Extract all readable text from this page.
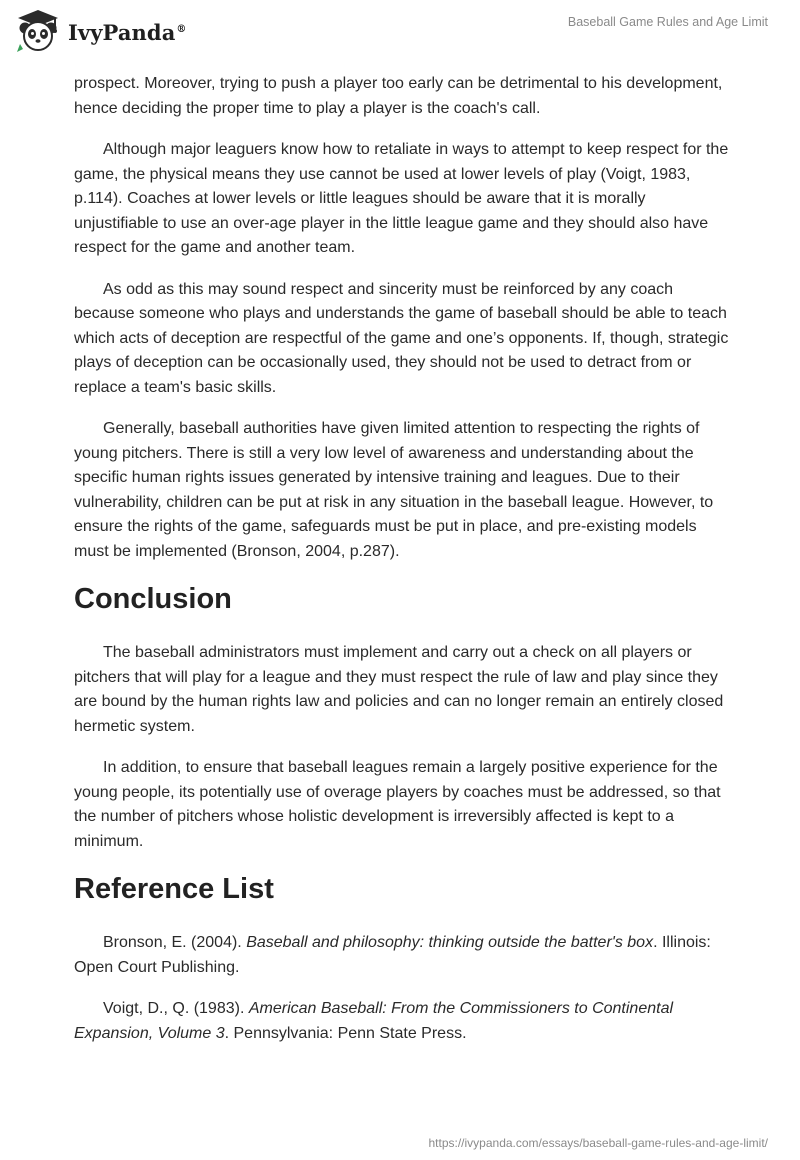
IvyPanda®	Baseball Game Rules and Age Limit

prospect. Moreover, trying to push a player too early can be detrimental to his development, hence deciding the proper time to play a player is the coach's call.

Although major leaguers know how to retaliate in ways to attempt to keep respect for the game, the physical means they use cannot be used at lower levels of play (Voigt, 1983, p.114). Coaches at lower levels or little leagues should be aware that it is morally unjustifiable to use an over-age player in the little league game and they should also have respect for the game and another team.

As odd as this may sound respect and sincerity must be reinforced by any coach because someone who plays and understands the game of baseball should be able to teach which acts of deception are respectful of the game and one’s opponents. If, though, strategic plays of deception can be occasionally used, they should not be used to detract from or replace a team's basic skills.

Generally, baseball authorities have given limited attention to respecting the rights of young pitchers. There is still a very low level of awareness and understanding about the specific human rights issues generated by intensive training and leagues. Due to their vulnerability, children can be put at risk in any situation in the baseball league. However, to ensure the rights of the game, safeguards must be put in place, and pre-existing models must be implemented (Bronson, 2004, p.287).

Conclusion

The baseball administrators must implement and carry out a check on all players or pitchers that will play for a league and they must respect the rule of law and play since they are bound by the human rights law and policies and can no longer remain an entirely closed hermetic system.

In addition, to ensure that baseball leagues remain a largely positive experience for the young people, its potentially use of overage players by coaches must be addressed, so that the number of pitchers whose holistic development is irreversibly affected is kept to a minimum.

Reference List

Bronson, E. (2004). Baseball and philosophy: thinking outside the batter's box. Illinois: Open Court Publishing.

Voigt, D., Q. (1983). American Baseball: From the Commissioners to Continental Expansion, Volume 3. Pennsylvania: Penn State Press.

https://ivypanda.com/essays/baseball-game-rules-and-age-limit/
